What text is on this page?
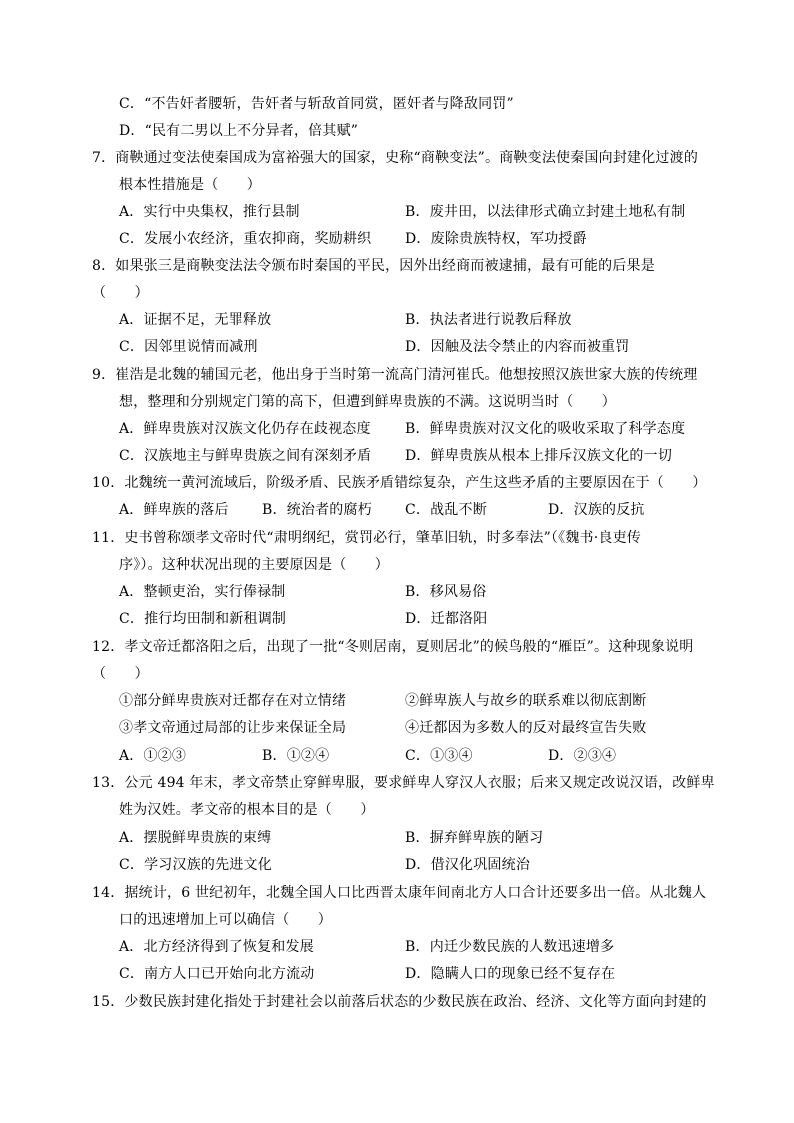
C．“不告奸者腰斩，告奸者与斩敌首同赏，匿奸者与降敌同罚”
D．“民有二男以上不分异者，倍其赋”
7．商鞅通过变法使秦国成为富裕强大的国家，史称“商鞅变法”。商鞅变法使秦国向封建化过渡的
根本性措施是（　　）
A．实行中央集权，推行县制	B．废井田，以法律形式确立封建土地私有制
C．发展小农经济，重农抑商，奖励耕织 D．废除贵族特权，军功授爵
8．如果张三是商鞅变法法令颁布时秦国的平民，因外出经商而被逮捕，最有可能的后果是
（　　）
A．证据不足，无罪释放	B．执法者进行说教后释放
C．因邻里说情而减刑	D．因触及法令禁止的内容而被重罚
9．崔浩是北魏的辅国元老，他出身于当时第一流高门清河崔氏。他想按照汉族世家大族的传统理
想，整理和分别规定门第的高下，但遭到鲜卑贵族的不满。这说明当时（　　）
A．鲜卑贵族对汉族文化仍存在歧视态度 B．鲜卑贵族对汉文化的吸收采取了科学态度
C．汉族地主与鲜卑贵族之间有深刻矛盾 D．鲜卑贵族从根本上排斥汉族文化的一切
10．北魏统一黄河流域后，阶级矛盾、民族矛盾错综复杂，产生这些矛盾的主要原因在于（　　）
A．鲜卑族的落后 B．统治者的腐朽 C．战乱不断	D．汉族的反抗
11．史书曾称颂孝文帝时代“肃明纲纪，赏罚必行，肇革旧轨，时多奉法”（《魏书·良吏传
序》）。这种状况出现的主要原因是（　　）
A．整顿吏治，实行俸禄制	B．移风易俗
C．推行均田制和新租调制	D．迁都洛阳
12．孝文帝迁都洛阳之后，出现了一批“冬则居南，夏则居北”的候鸟般的“雁臣”。这种现象说明
（　　）
①部分鲜卑贵族对迁都存在对立情绪	②鲜卑族人与故乡的联系难以彻底割断
③孝文帝通过局部的让步来保证全局	④迁都因为多数人的反对最终宣告失败
A．①②③	B．①②④	C．①③④	D．②③④
13．公元 494 年末，孝文帝禁止穿鲜卑服，要求鲜卑人穿汉人衣服；后来又规定改说汉语，改鲜卑
姓为汉姓。孝文帝的根本目的是（　　）
A．摆脱鲜卑贵族的束缚	B．摒弃鲜卑族的陋习
C．学习汉族的先进文化	D．借汉化巩固统治
14．据统计，6 世纪初年，北魏全国人口比西晋太康年间南北方人口合计还要多出一倍。从北魏人
口的迅速增加上可以确信（　　）
A．北方经济得到了恢复和发展	B．内迁少数民族的人数迅速增多
C．南方人口已开始向北方流动	D．隐瞒人口的现象已经不复存在
15．少数民族封建化指处于封建社会以前落后状态的少数民族在政治、经济、文化等方面向封建的
